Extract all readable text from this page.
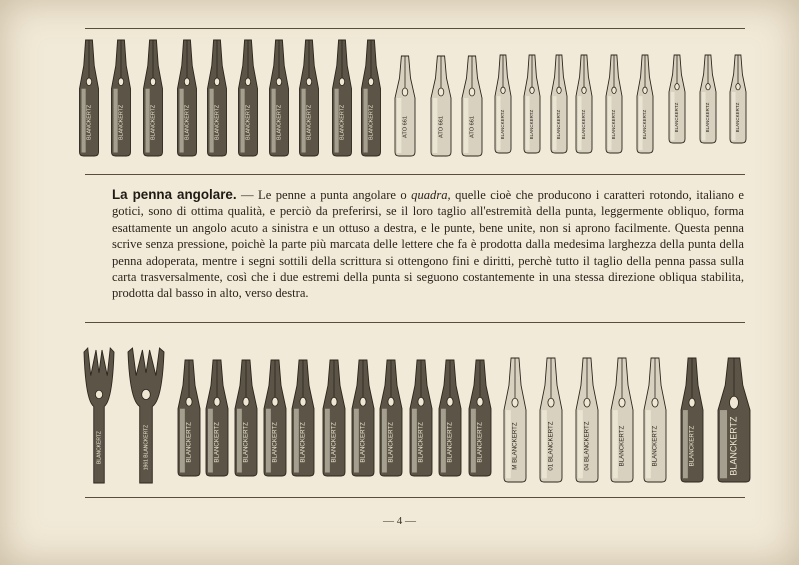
BLANCKERTZ	BLANCKERTZ	BLANCKERTZ	BLANCKERTZ	BLANCKERTZ	BLANCKERTZ	BLANCKERTZ	BLANCKERTZ	BLANCKERTZ	BLANCKERTZ	ATO 661	ATO 661	ATO 661	BLANCKERTZ	BLANCKERTZ	BLANCKERTZ	BLANCKERTZ	BLANCKERTZ	BLANCKERTZ	BLANCKERTZ	BLANCKERTZ	BLANCKERTZ

La penna angolare. — Le penne a punta angolare o quadra, quelle cioè che producono i caratteri rotondo, italiano e gotici, sono di ottima qualità, e perciò da preferirsi, se il loro taglio all'estremità della punta, leggermente obliquo, forma esattamente un angolo acuto a sinistra e un ottuso a destra, e le punte, bene unite, non si aprono facilmente. Questa penna scrive senza pressione, poichè la parte più marcata delle lettere che fa è prodotta dalla medesima larghezza della punta della penna adoperata, mentre i segni sottili della scrittura si ottengono fini e diritti, perchè tutto il taglio della penna passa sulla carta trasversalmente, così che i due estremi della punta si seguono costantemente in una stessa direzione obliqua stabilita, prodotta dal basso in alto, verso destra.

BLANCKERTZ	1961 BLANCKERTZ	BLANCKERTZ	BLANCKERTZ	BLANCKERTZ	BLANCKERTZ	BLANCKERTZ	BLANCKERTZ	BLANCKERTZ	BLANCKERTZ	BLANCKERTZ	BLANCKERTZ	BLANCKERTZ	M BLANCKERTZ	01 BLANCKERTZ	04 BLANCKERTZ	BLANCKERTZ	BLANCKERTZ	BLANCKERTZ	BLANCKERTZ
— 4 —
